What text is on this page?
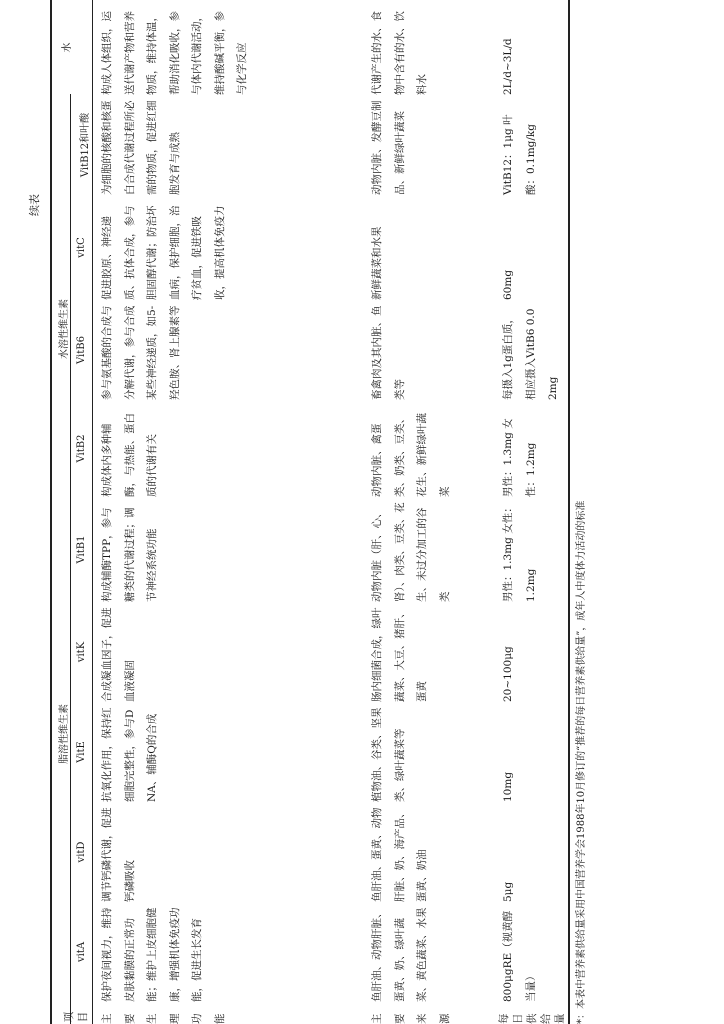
续表
项目
脂溶性维生素
水溶性维生素
vitA
vitD
VitE
vitK
VitB1
VitB2
VitB6
vitC
VitB12和叶酸
水
主要生理功能	主要来源	每日供给量
保护夜间视力，维持皮肤黏膜的正常功能；维护上皮细胞健康，增强机体免疫功能，促进生长发育
调节钙磷代谢，促进钙磷吸收
抗氧化作用，保持红细胞完整性，参与DNA、辅酶Q的合成
合成凝血因子，促进血液凝固
构成辅酶TPP，参与糖类的代谢过程；调节神经系统功能
构成体内多种辅酶，与热能、蛋白质的代谢有关
参与氨基酸的合成与分解代谢，参与合成某些神经递质，如5-羟色胺、肾上腺素等
促进胶原、神经递质、抗体合成，参与胆固醇代谢；防治坏血病，保护细胞，治疗贫血，促进铁吸收，提高机体免疫力
为细胞的核酸和核蛋白合成代谢过程所必需的物质，促进红细胞发育与成熟
构成人体组织，运送代谢产物和营养物质，维持体温，帮助消化吸收，参与体内代谢活动，维持酸碱平衡，参与化学反应
鱼肝油、动物肝脏、蛋黄、奶、绿叶蔬菜、黄色蔬菜、水果
鱼肝油、蛋黄、动物肝脏、奶、海产品、蛋黄、奶油
植物油、谷类、坚果类、绿叶蔬菜等
肠内细菌合成，绿叶蔬菜、大豆、猪肝、蛋黄
动物内脏（肝、心、肾）、肉类、豆类、花生、未过分加工的谷类
动物内脏、禽蛋类、奶类、豆类、花生、新鲜绿叶蔬菜
畜禽肉及其内脏、鱼类等
新鲜蔬菜和水果
动物内脏、发酵豆制品、新鲜绿叶蔬菜
代谢产生的水、食物中含有的水、饮料水
800μgRE（视黄醇当量）
5μg
10mg
20~100μg
男性：1.3mg 女性：1.2mg
男性：1.3mg 女性：1.2mg
每摄入1g蛋白质，相应摄入VitB6 0.02mg
60mg
VitB12：1μg 叶酸：0.1mg/kg
2L/d~3L/d
*：本表中营养素供给量采用中国营养学会1988年10月修订的“推荐的每日营养素供给量”，成年人中度体力活动的标准
